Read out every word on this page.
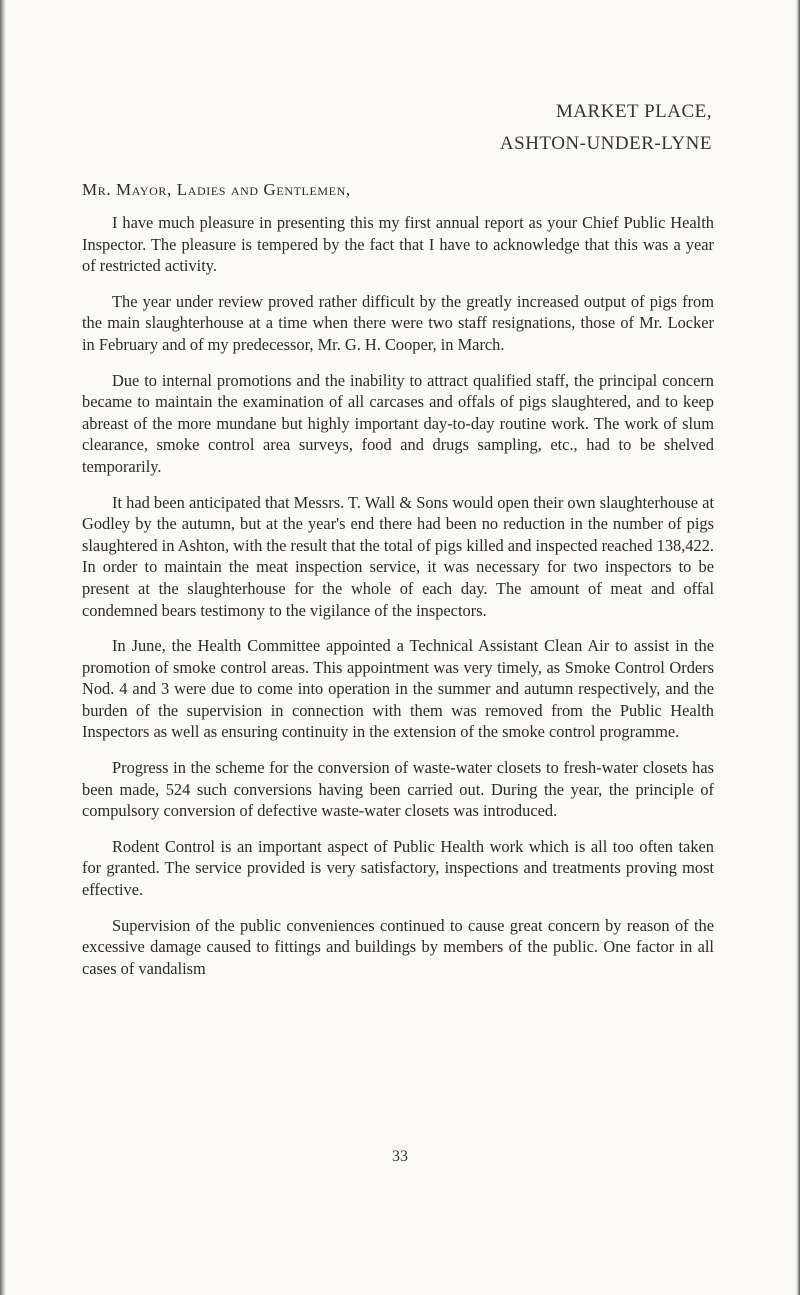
MARKET PLACE,
ASHTON-UNDER-LYNE
Mr. Mayor, Ladies and Gentlemen,

I have much pleasure in presenting this my first annual report as your Chief Public Health Inspector. The pleasure is tempered by the fact that I have to acknowledge that this was a year of restricted activity.

The year under review proved rather difficult by the greatly increased output of pigs from the main slaughterhouse at a time when there were two staff resignations, those of Mr. Locker in February and of my predecessor, Mr. G. H. Cooper, in March.

Due to internal promotions and the inability to attract qualified staff, the principal concern became to maintain the examination of all carcases and offals of pigs slaughtered, and to keep abreast of the more mundane but highly important day-to-day routine work. The work of slum clearance, smoke control area surveys, food and drugs sampling, etc., had to be shelved temporarily.

It had been anticipated that Messrs. T. Wall & Sons would open their own slaughterhouse at Godley by the autumn, but at the year's end there had been no reduction in the number of pigs slaughtered in Ashton, with the result that the total of pigs killed and inspected reached 138,422. In order to maintain the meat inspection service, it was necessary for two inspectors to be present at the slaughterhouse for the whole of each day. The amount of meat and offal condemned bears testimony to the vigilance of the inspectors.

In June, the Health Committee appointed a Technical Assistant Clean Air to assist in the promotion of smoke control areas. This appointment was very timely, as Smoke Control Orders Nod. 4 and 3 were due to come into operation in the summer and autumn respectively, and the burden of the supervision in connection with them was removed from the Public Health Inspectors as well as ensuring continuity in the extension of the smoke control programme.

Progress in the scheme for the conversion of waste-water closets to fresh-water closets has been made, 524 such conversions having been carried out. During the year, the principle of compulsory conversion of defective waste-water closets was introduced.

Rodent Control is an important aspect of Public Health work which is all too often taken for granted. The service provided is very satisfactory, inspections and treatments proving most effective.

Supervision of the public conveniences continued to cause great concern by reason of the excessive damage caused to fittings and buildings by members of the public. One factor in all cases of vandalism

33
